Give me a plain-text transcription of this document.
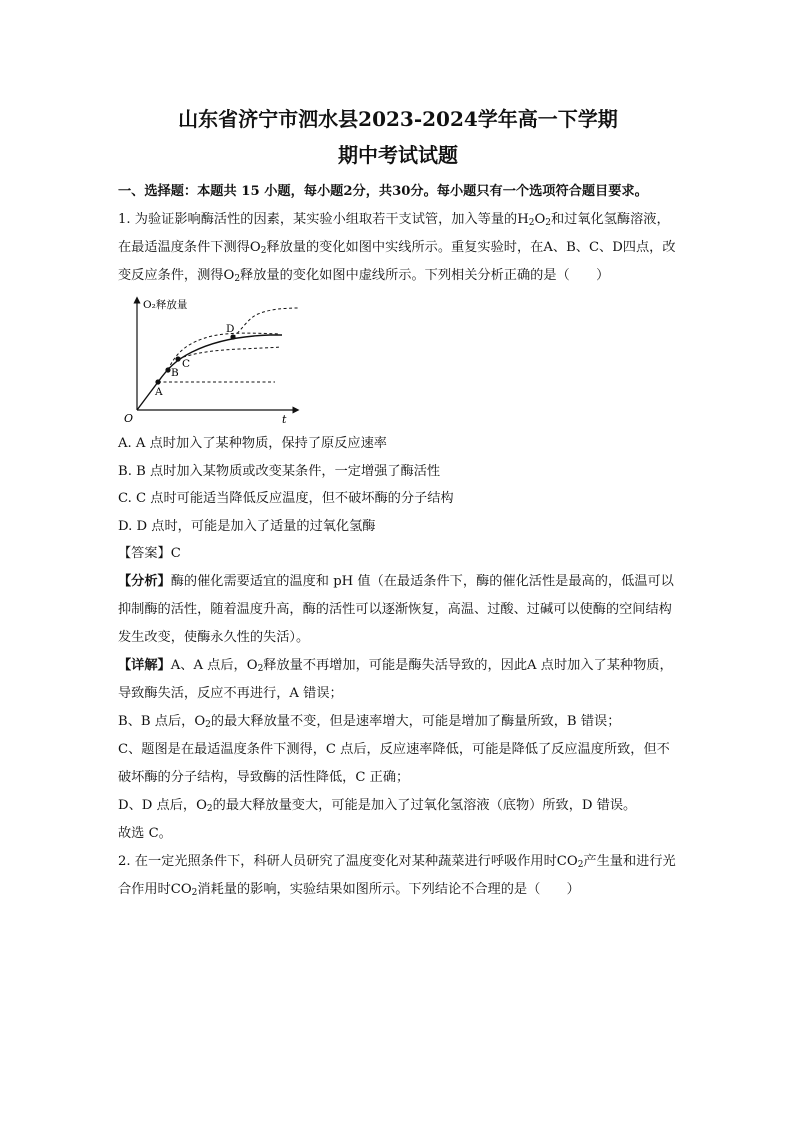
山东省济宁市泗水县2023-2024学年高一下学期
期中考试试题

一、选择题：本题共 15 小题，每小题2分，共30分。每小题只有一个选项符合题目要求。

1. 为验证影响酶活性的因素，某实验小组取若干支试管，加入等量的$H_2O_2$和过氧化氢酶溶液，在最适温度条件下测得$O_2$释放量的变化如图中实线所示。重复实验时，在A、B、C、D四点，改变反应条件，测得$O_2$释放量的变化如图中虚线所示。下列相关分析正确的是（　　）

O	t
O₂释放量
A
B
C
D

A. A 点时加入了某种物质，保持了原反应速率

B. B 点时加入某物质或改变某条件，一定增强了酶活性

C. C 点时可能适当降低反应温度，但不破坏酶的分子结构

D. D 点时，可能是加入了适量的过氧化氢酶

【答案】C

【分析】酶的催化需要适宜的温度和 pH 值（在最适条件下，酶的催化活性是最高的，低温可以抑制酶的活性，随着温度升高，酶的活性可以逐渐恢复，高温、过酸、过碱可以使酶的空间结构发生改变，使酶永久性的失活）。

【详解】A、A 点后，$O_2$释放量不再增加，可能是酶失活导致的，因此A 点时加入了某种物质，导致酶失活，反应不再进行，A 错误；

B、B 点后，$O_2$的最大释放量不变，但是速率增大，可能是增加了酶量所致，B 错误；

C、题图是在最适温度条件下测得，C 点后，反应速率降低，可能是降低了反应温度所致，但不破坏酶的分子结构，导致酶的活性降低，C 正确；

D、D 点后，$O_2$的最大释放量变大，可能是加入了过氧化氢溶液（底物）所致，D 错误。

故选 C。

2. 在一定光照条件下，科研人员研究了温度变化对某种蔬菜进行呼吸作用时$CO_2$产生量和进行光合作用时$CO_2$消耗量的影响，实验结果如图所示。下列结论不合理的是（　　）
